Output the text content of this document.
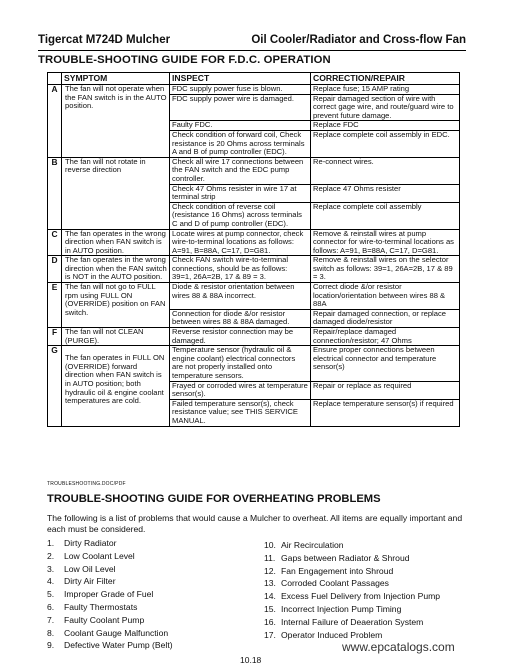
Tigercat M724D Mulcher	Oil Cooler/Radiator and Cross-flow Fan
TROUBLE-SHOOTING GUIDE FOR F.D.C. OPERATION
	SYMPTOM	INSPECT	CORRECTION/REPAIR
A	The fan will not operate when the FAN switch is in the AUTO position.	FDC supply power fuse is blown.	Replace fuse; 15 AMP rating
		FDC supply power wire is damaged.	Repair damaged section of wire with correct gage wire, and route/guard wire to prevent future damage.
		Faulty FDC.	Replace FDC
		Check condition of forward coil, Check resistance is 20 Ohms across terminals A and B of pump controller (EDC).	Replace complete coil assembly in EDC.
B	The fan will not rotate in reverse direction	Check all wire 17 connections between the FAN switch and the EDC pump controller.	Re-connect wires.
		Check 47 Ohms resister in wire 17 at terminal strip	Replace 47 Ohms resister
		Check condition of reverse coil (resistance 16 Ohms) across terminals C and D of pump controller (EDC).	Replace complete coil assembly
C	The fan operates in the wrong direction when FAN switch is in AUTO position.	Locate wires at pump connector, check wire-to-terminal locations as follows: A=91, B=88A, C=17, D=G81.	Remove & reinstall wires at pump connector for wire-to-terminal locations as follows: A=91, B=88A, C=17, D=G81.
D	The fan operates in the wrong direction when the FAN switch is NOT in the AUTO position.	Check FAN switch wire-to-terminal connections, should be as follows: 39=1, 26A=2B, 17 & 89 = 3.	Remove & reinstall wires on the selector switch as follows: 39=1, 26A=2B, 17 & 89 = 3.
E	The fan will not go to FULL rpm using FULL ON (OVERRIDE) position on FAN switch.	Diode & resistor orientation between wires 88 & 88A incorrect.	Correct diode &/or resistor location/orientation between wires 88 & 88A
		Connection for diode &/or resistor between wires 88 & 88A damaged.	Repair damaged connection, or replace damaged diode/resistor
F	The fan will not CLEAN (PURGE).	Reverse resistor connection may be damaged.	Repair/replace damaged connection/resistor; 47 Ohms
G	The fan operates in FULL ON (OVERRIDE) forward direction when FAN switch is in AUTO position; both hydraulic oil & engine coolant temperatures are cold.	Temperature sensor (hydraulic oil & engine coolant) electrical connectors are not properly installed onto temperature sensors.	Ensure proper connections between electrical connector and temperature sensor(s)
		Frayed or corroded wires at temperature sensor(s).	Repair or replace as required
		Failed temperature sensor(s), check resistance value; see THIS SERVICE MANUAL.	Replace temperature sensor(s) if required
TROUBLESHOOTING.DOC/PDF
TROUBLE-SHOOTING GUIDE FOR OVERHEATING PROBLEMS
The following is a list of problems that would cause a Mulcher to overheat. All items are equally important and each must be considered.
1. Dirty Radiator
2. Low Coolant Level
3. Low Oil Level
4. Dirty Air Filter
5. Improper Grade of Fuel
6. Faulty Thermostats
7. Faulty Coolant Pump
8. Coolant Gauge Malfunction
9. Defective Water Pump (Belt)
10. Air Recirculation
11. Gaps between Radiator & Shroud
12. Fan Engagement into Shroud
13. Corroded Coolant Passages
14. Excess Fuel Delivery from Injection Pump
15. Incorrect Injection Pump Timing
16. Internal Failure of Deaeration System
17. Operator Induced Problem
www.epcatalogs.com
10.18
